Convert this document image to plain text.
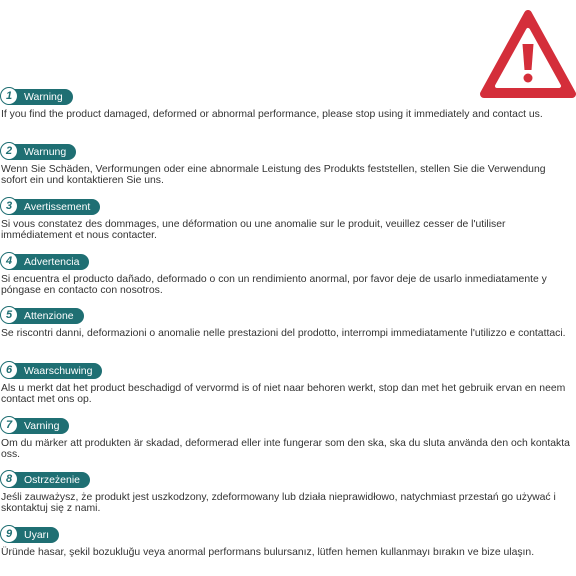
1	Warning

If you find the product damaged, deformed or abnormal performance, please stop using it immediately and contact us.

2	Warnung

Wenn Sie Schäden, Verformungen oder eine abnormale Leistung des Produkts feststellen, stellen Sie die Verwendung sofort ein und kontaktieren Sie uns.

3	Avertissement

Si vous constatez des dommages, une déformation ou une anomalie sur le produit, veuillez cesser de l'utiliser immédiatement et nous contacter.

4	Advertencia

Si encuentra el producto dañado, deformado o con un rendimiento anormal, por favor deje de usarlo inmediatamente y póngase en contacto con nosotros.

5	Attenzione

Se riscontri danni, deformazioni o anomalie nelle prestazioni del prodotto, interrompi immediatamente l'utilizzo e contattaci.

6	Waarschuwing

Als u merkt dat het product beschadigd of vervormd is of niet naar behoren werkt, stop dan met het gebruik ervan en neem contact met ons op.

7	Varning

Om du märker att produkten är skadad, deformerad eller inte fungerar som den ska, ska du sluta använda den och kontakta oss.

8	Ostrzeżenie

Jeśli zauważysz, że produkt jest uszkodzony, zdeformowany lub działa nieprawidłowo, natychmiast przestań go używać i skontaktuj się z nami.

9	Uyarı

Üründe hasar, şekil bozukluğu veya anormal performans bulursanız, lütfen hemen kullanmayı bırakın ve bize ulaşın.
